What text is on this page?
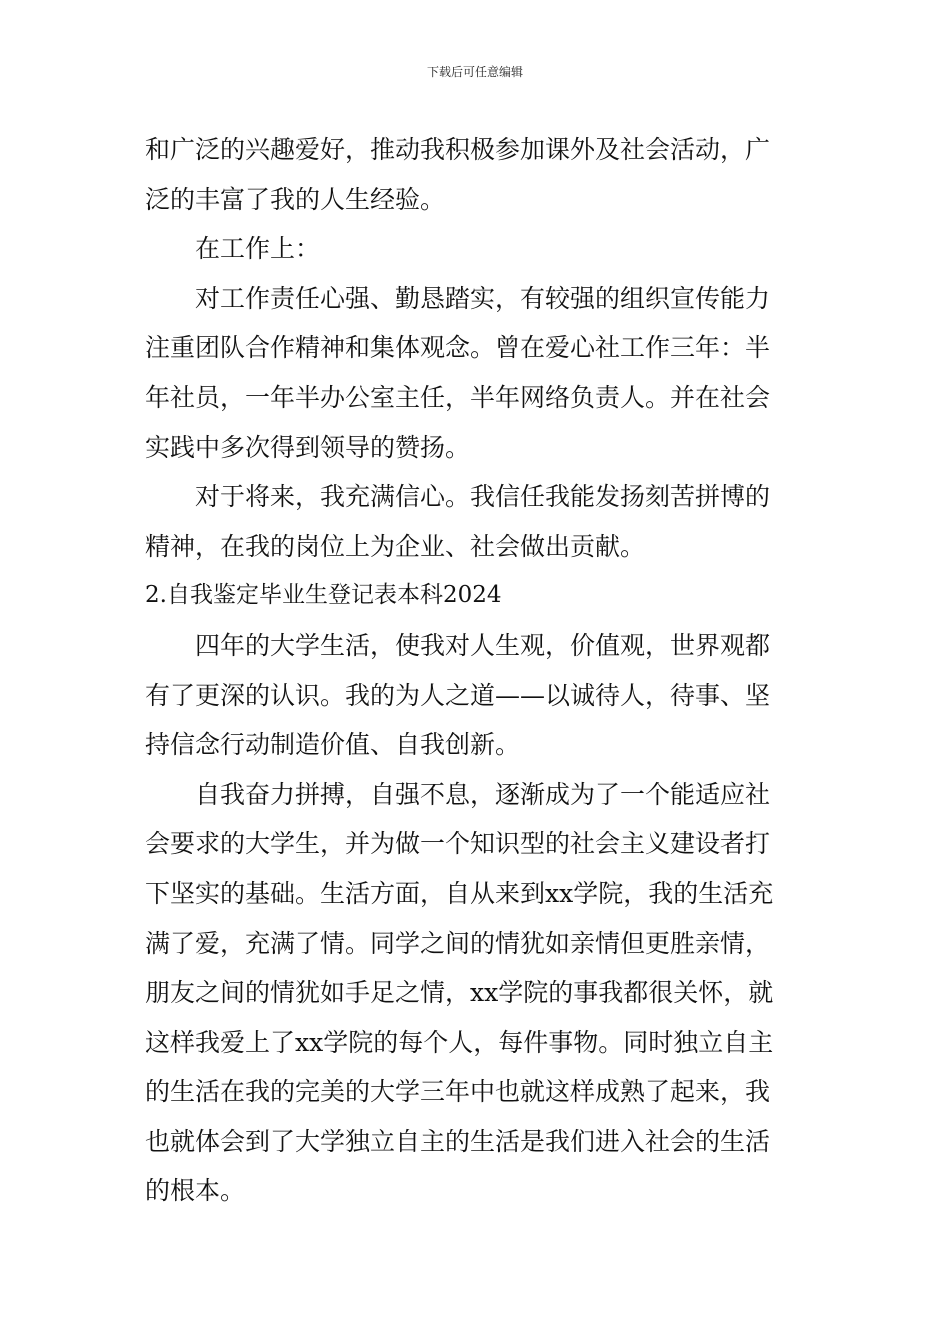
下载后可任意编辑
和广泛的兴趣爱好，推动我积极参加课外及社会活动，广
泛的丰富了我的人生经验。
　　在工作上：
　　对工作责任心强、勤恳踏实，有较强的组织宣传能力
注重团队合作精神和集体观念。曾在爱心社工作三年：半
年社员，一年半办公室主任，半年网络负责人。并在社会
实践中多次得到领导的赞扬。
　　对于将来，我充满信心。我信任我能发扬刻苦拼博的
精神，在我的岗位上为企业、社会做出贡献。
2.自我鉴定毕业生登记表本科2024
　　四年的大学生活，使我对人生观，价值观，世界观都
有了更深的认识。我的为人之道——以诚待人，待事、坚
持信念行动制造价值、自我创新。
　　自我奋力拼搏，自强不息，逐渐成为了一个能适应社
会要求的大学生，并为做一个知识型的社会主义建设者打
下坚实的基础。生活方面，自从来到xx学院，我的生活充
满了爱，充满了情。同学之间的情犹如亲情但更胜亲情，
朋友之间的情犹如手足之情，xx学院的事我都很关怀，就
这样我爱上了xx学院的每个人，每件事物。同时独立自主
的生活在我的完美的大学三年中也就这样成熟了起来，我
也就体会到了大学独立自主的生活是我们进入社会的生活
的根本。
